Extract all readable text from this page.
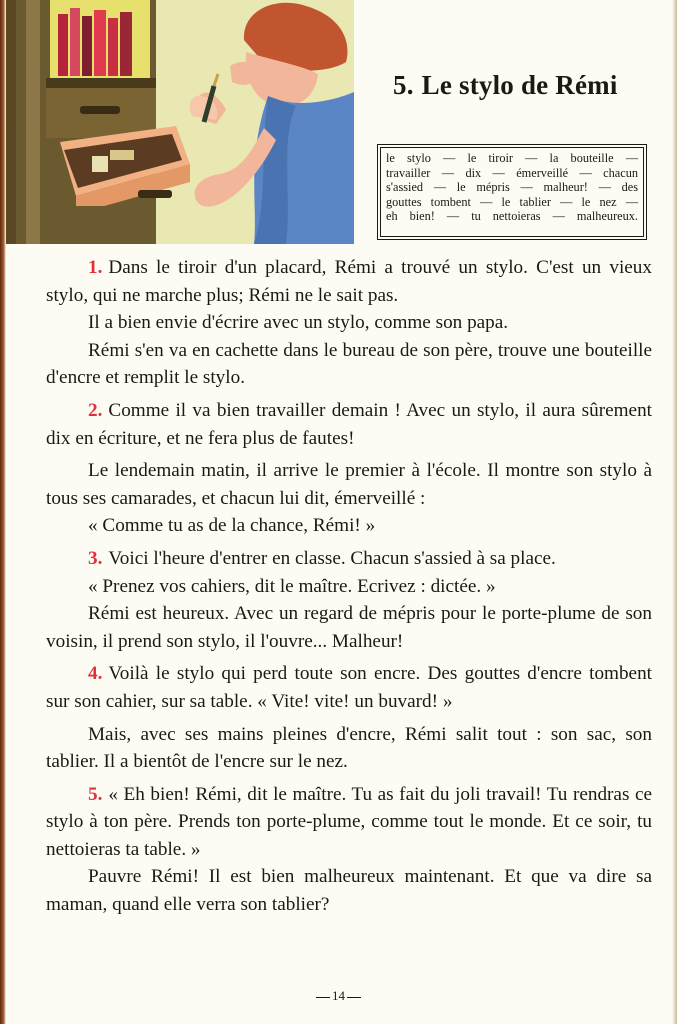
5. Le stylo de Rémi
le stylo — le tiroir — la bouteille —
travailler — dix — émerveillé — chacun
s'assied — le mépris — malheur! — des
gouttes tombent — le tablier — le nez —
eh bien! — tu nettoieras — malheureux.

1. Dans le tiroir d'un placard, Rémi a trouvé un stylo. C'est un vieux stylo, qui ne marche plus; Rémi ne le sait pas.

Il a bien envie d'écrire avec un stylo, comme son papa.

Rémi s'en va en cachette dans le bureau de son père, trouve une bouteille d'encre et remplit le stylo.

2. Comme il va bien travailler demain ! Avec un stylo, il aura sûrement dix en écriture, et ne fera plus de fautes!

Le lendemain matin, il arrive le premier à l'école. Il montre son stylo à tous ses camarades, et chacun lui dit, émerveillé :

« Comme tu as de la chance, Rémi! »

3. Voici l'heure d'entrer en classe. Chacun s'assied à sa place.

« Prenez vos cahiers, dit le maître. Ecrivez : dictée. »

Rémi est heureux. Avec un regard de mépris pour le porte-plume de son voisin, il prend son stylo, il l'ouvre... Malheur!

4. Voilà le stylo qui perd toute son encre. Des gouttes d'encre tombent sur son cahier, sur sa table. « Vite! vite! un buvard! »

Mais, avec ses mains pleines d'encre, Rémi salit tout : son sac, son tablier. Il a bientôt de l'encre sur le nez.

5. « Eh bien! Rémi, dit le maître. Tu as fait du joli travail! Tu rendras ce stylo à ton père. Prends ton porte-plume, comme tout le monde. Et ce soir, tu nettoieras ta table. »

Pauvre Rémi! Il est bien malheureux maintenant. Et que va dire sa maman, quand elle verra son tablier?

14
